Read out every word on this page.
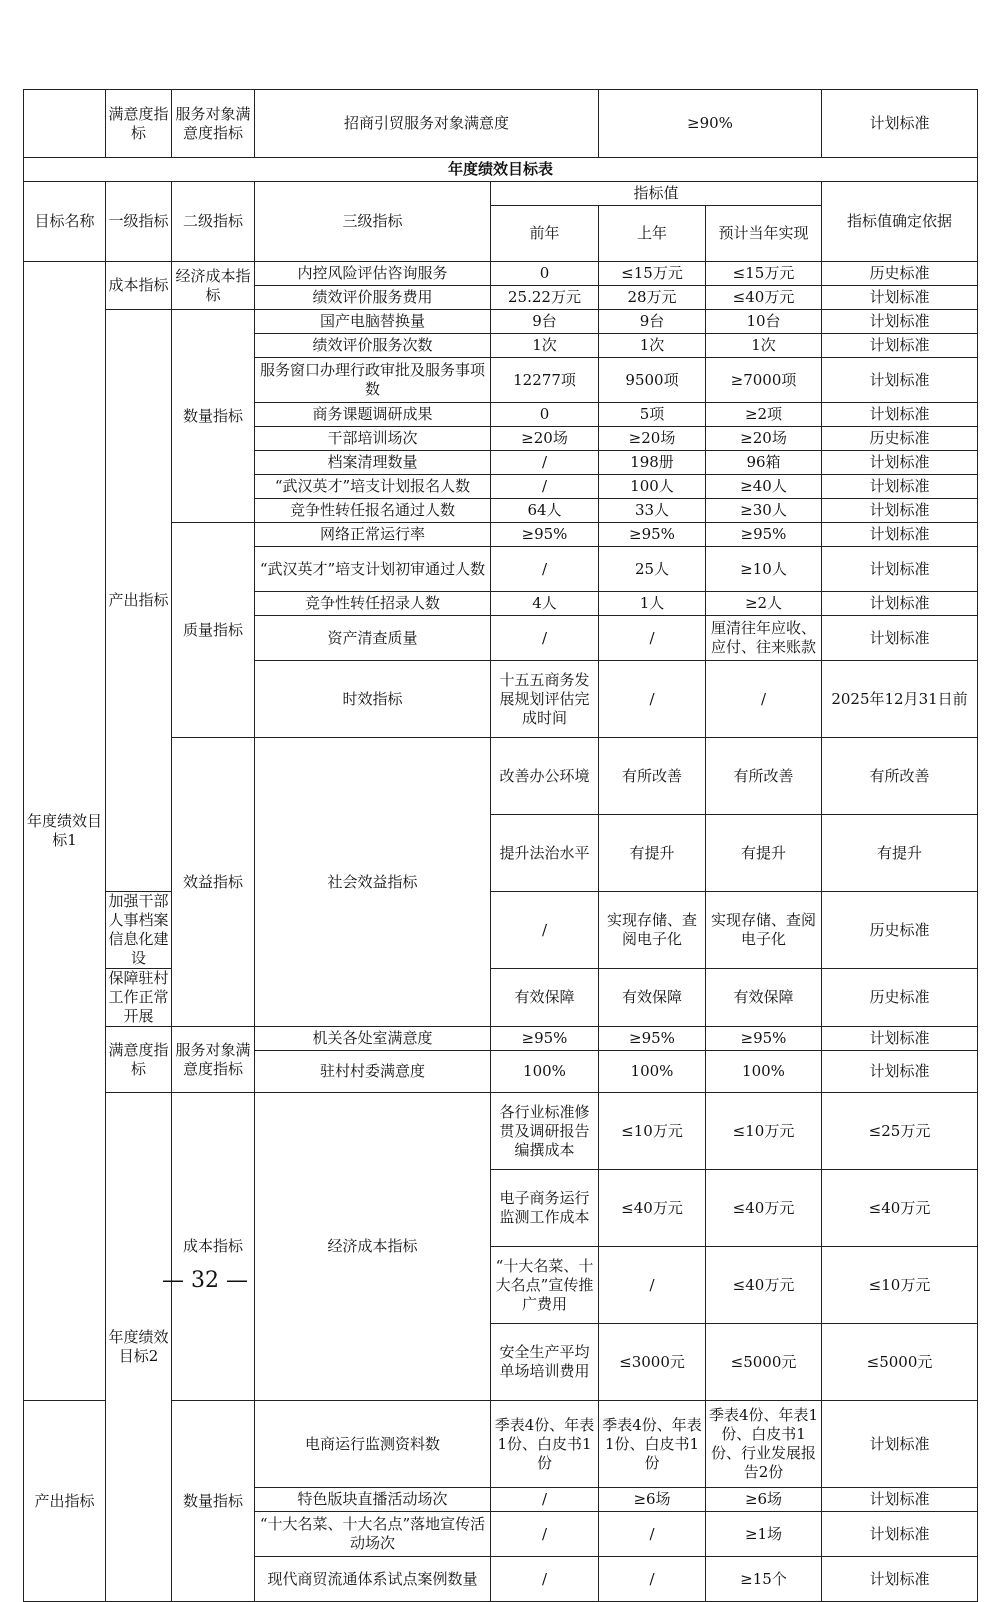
	满意度指标	服务对象满意度指标	招商引贸服务对象满意度	≥90%	计划标准
年度绩效目标表								
目标名称	一级指标	二级指标	三级指标	指标值			指标值确定依据	
				前年	上年	预计当年实现		
年度绩效目标1	成本指标	经济成本指标	内控风险评估咨询服务	0	≤15万元	≤15万元	历史标准	
			绩效评价服务费用	25.22万元	28万元	≤40万元	计划标准	
	产出指标	数量指标	国产电脑替换量	9台	9台	10台	计划标准	
			绩效评价服务次数	1次	1次	1次	计划标准	
			服务窗口办理行政审批及服务事项数	12277项	9500项	≥7000项	计划标准	
			商务课题调研成果	0	5项	≥2项	计划标准	
			干部培训场次	≥20场	≥20场	≥20场	历史标准	
			档案清理数量	/	198册	96箱	计划标准	
			“武汉英才”培支计划报名人数	/	100人	≥40人	计划标准	
			竞争性转任报名通过人数	64人	33人	≥30人	计划标准	
		质量指标	网络正常运行率	≥95%	≥95%	≥95%	计划标准	
			“武汉英才”培支计划初审通过人数	/	25人	≥10人	计划标准	
			竞争性转任招录人数	4人	1人	≥2人	计划标准	
			资产清查质量	/	/	厘清往年应收、应付、往来账款	计划标准	
			时效指标	十五五商务发展规划评估完成时间	/	/	2025年12月31日前	
		效益指标	社会效益指标	改善办公环境	有所改善	有所改善	有所改善	
				提升法治水平	有提升	有提升	有提升	
	加强干部人事档案信息化建设			/	实现存储、查阅电子化	实现存储、查阅电子化	历史标准	
	保障驻村工作正常开展			有效保障	有效保障	有效保障	历史标准	
	满意度指标	服务对象满意度指标	机关各处室满意度	≥95%	≥95%	≥95%	计划标准	
			驻村村委满意度	100%	100%	100%	计划标准	
	年度绩效目标2	成本指标	经济成本指标	各行业标准修贯及调研报告编撰成本	≤10万元	≤10万元	≤25万元	
				电子商务运行监测工作成本	≤40万元	≤40万元	≤40万元	
				“十大名菜、十大名点”宣传推广费用	/	≤40万元	≤10万元	
				安全生产平均单场培训费用	≤3000元	≤5000元	≤5000元	
产出指标		数量指标	电商运行监测资料数	季表4份、年表1份、白皮书1份	季表4份、年表1份、白皮书1份	季表4份、年表1份、白皮书1份、行业发展报告2份	计划标准	
			特色版块直播活动场次	/	≥6场	≥6场	计划标准	
			“十大名菜、十大名点”落地宣传活动场次	/	/	≥1场	计划标准	
			现代商贸流通体系试点案例数量	/	/	≥15个	计划标准	
— 32 —
